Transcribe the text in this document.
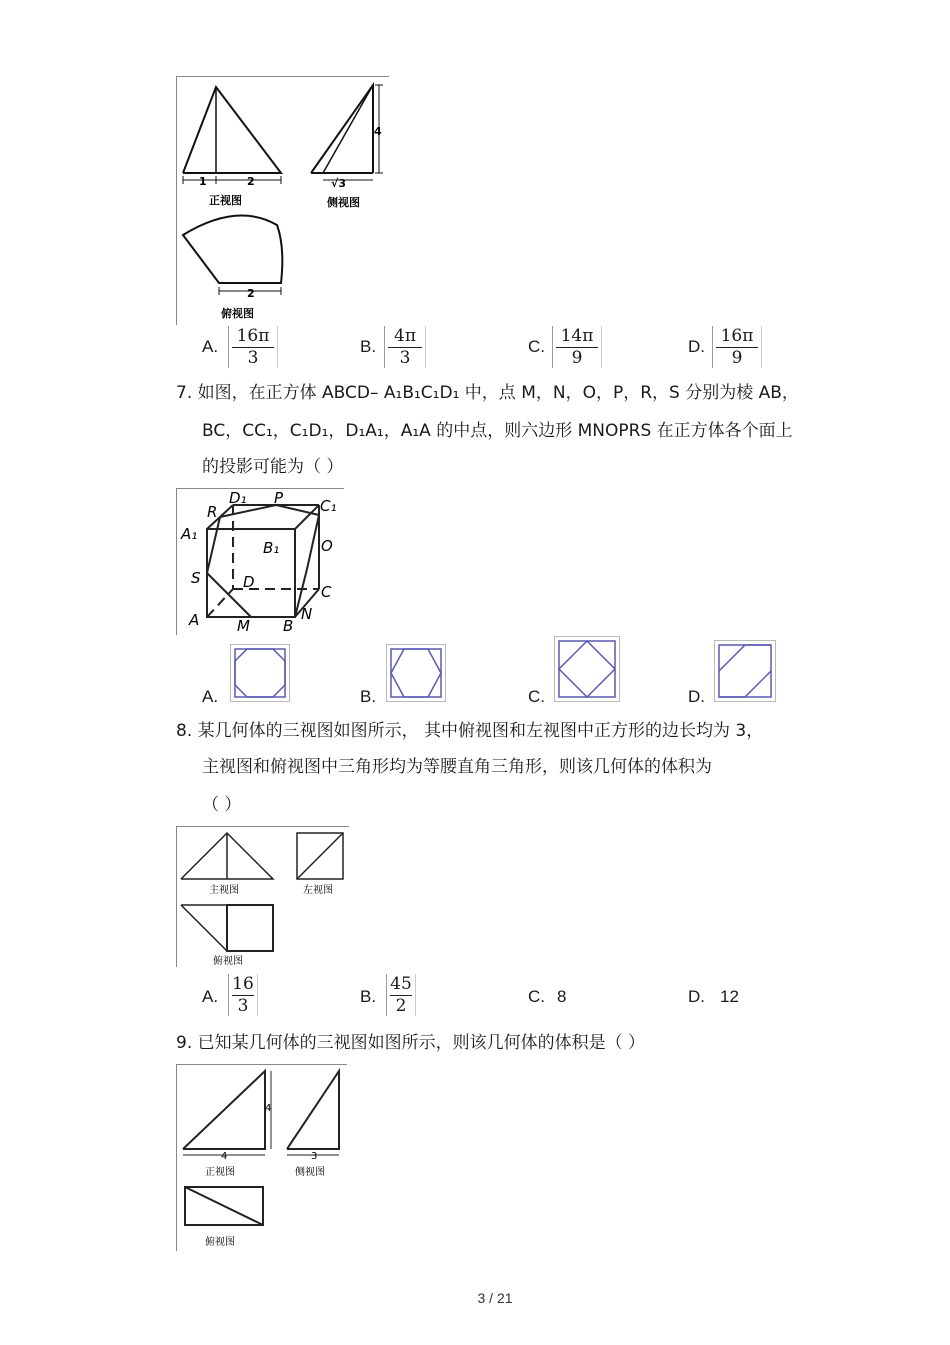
1	2
正视图
4
√3
侧视图
2
俯视图
A.
16π
3
B.
4π
3
C.
14π
9
D.
16π
9
7. 如图，在正方体 ABCD– A₁B₁C₁D₁ 中，点 M，N，O，P，R，S 分别为棱 AB，
BC，CC₁，C₁D₁，D₁A₁，A₁A 的中点，则六边形 MNOPRS 在正方体各个面上
的投影可能为（ ）
D₁ P C₁
R
A₁
B₁	O
S	D
C
A	M B
N
A.	B.	C.	D.
8. 某几何体的三视图如图所示， 其中俯视图和左视图中正方形的边长均为 3，
主视图和俯视图中三角形均为等腰直角三角形，则该几何体的体积为
（ ）
主视图	左视图
俯视图
A.
16
3	B.
45
2	C. 8	D. 12
9. 已知某几何体的三视图如图所示，则该几何体的体积是（ ）
4
4	3
正视图	侧视图
俯视图
3 / 21
